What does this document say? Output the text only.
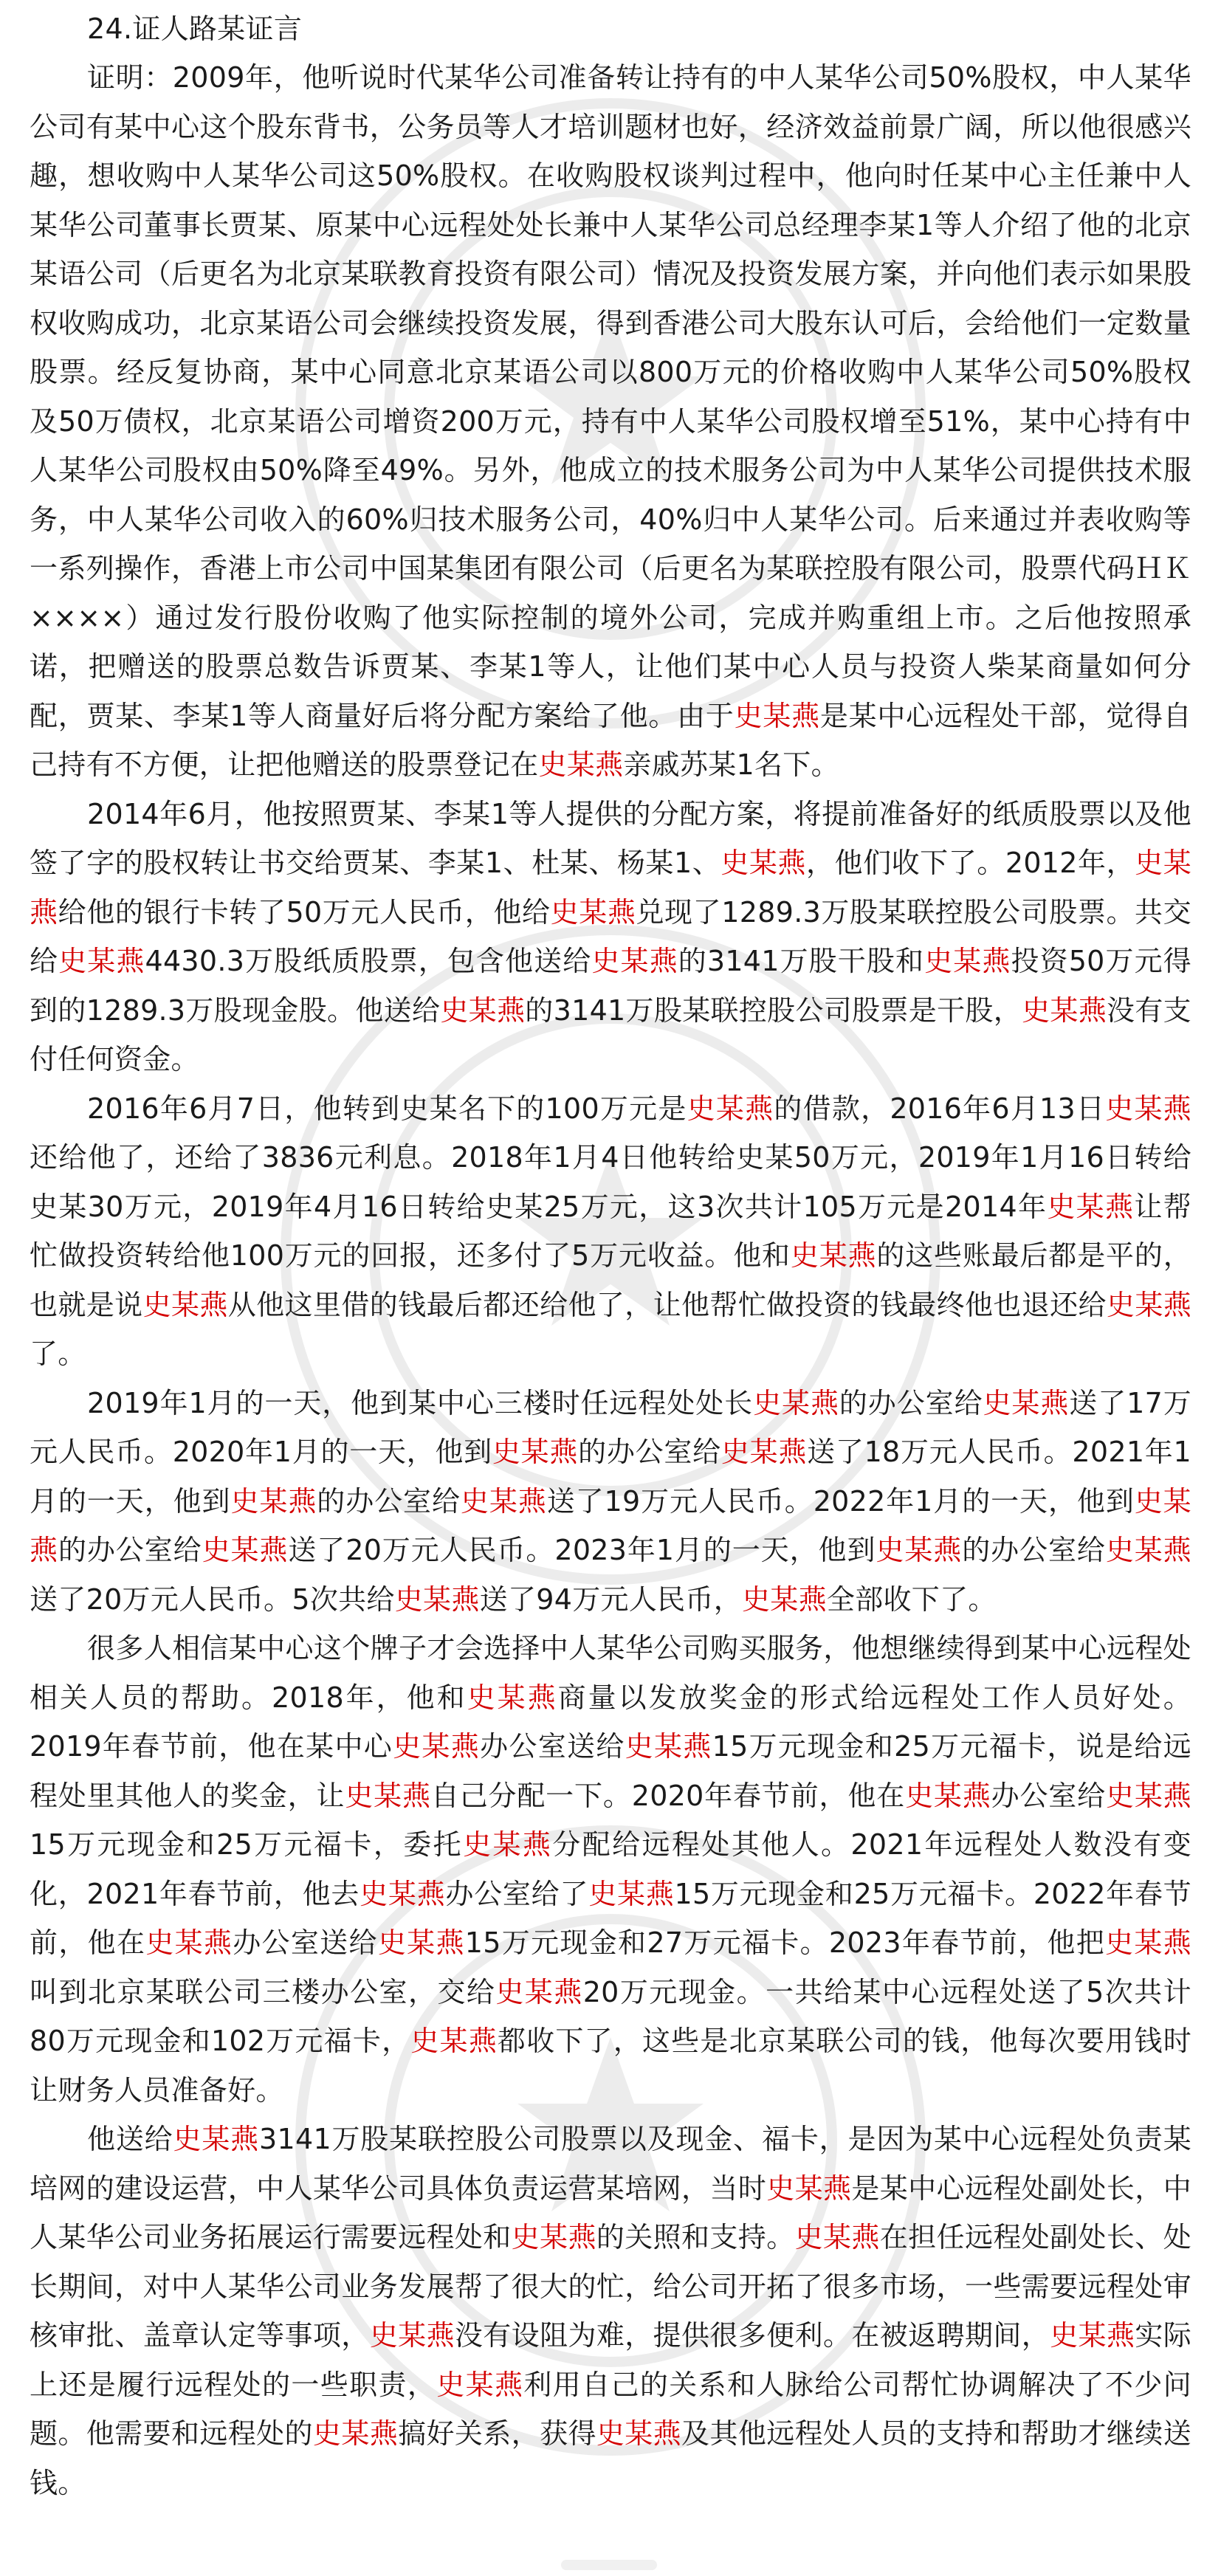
24.证人路某证言

证明：2009年，他听说时代某华公司准备转让持有的中人某华公司50%股权，中人某华公司有某中心这个股东背书，公务员等人才培训题材也好，经济效益前景广阔，所以他很感兴趣，想收购中人某华公司这50%股权。在收购股权谈判过程中，他向时任某中心主任兼中人某华公司董事长贾某、原某中心远程处处长兼中人某华公司总经理李某1等人介绍了他的北京某语公司（后更名为北京某联教育投资有限公司）情况及投资发展方案，并向他们表示如果股权收购成功，北京某语公司会继续投资发展，得到香港公司大股东认可后，会给他们一定数量股票。经反复协商，某中心同意北京某语公司以800万元的价格收购中人某华公司50%股权及50万债权，北京某语公司增资200万元，持有中人某华公司股权增至51%，某中心持有中人某华公司股权由50%降至49%。另外，他成立的技术服务公司为中人某华公司提供技术服务，中人某华公司收入的60%归技术服务公司，40%归中人某华公司。后来通过并表收购等一系列操作，香港上市公司中国某集团有限公司（后更名为某联控股有限公司，股票代码ＨＫ××××）通过发行股份收购了他实际控制的境外公司，完成并购重组上市。之后他按照承诺，把赠送的股票总数告诉贾某、李某1等人，让他们某中心人员与投资人柴某商量如何分配，贾某、李某1等人商量好后将分配方案给了他。由于史某燕是某中心远程处干部，觉得自己持有不方便，让把他赠送的股票登记在史某燕亲戚苏某1名下。

2014年6月，他按照贾某、李某1等人提供的分配方案，将提前准备好的纸质股票以及他签了字的股权转让书交给贾某、李某1、杜某、杨某1、史某燕，他们收下了。2012年，史某燕给他的银行卡转了50万元人民币，他给史某燕兑现了1289.3万股某联控股公司股票。共交给史某燕4430.3万股纸质股票，包含他送给史某燕的3141万股干股和史某燕投资50万元得到的1289.3万股现金股。他送给史某燕的3141万股某联控股公司股票是干股，史某燕没有支付任何资金。

2016年6月7日，他转到史某名下的100万元是史某燕的借款，2016年6月13日史某燕还给他了，还给了3836元利息。2018年1月4日他转给史某50万元，2019年1月16日转给史某30万元，2019年4月16日转给史某25万元，这3次共计105万元是2014年史某燕让帮忙做投资转给他100万元的回报，还多付了5万元收益。他和史某燕的这些账最后都是平的，也就是说史某燕从他这里借的钱最后都还给他了，让他帮忙做投资的钱最终他也退还给史某燕了。

2019年1月的一天，他到某中心三楼时任远程处处长史某燕的办公室给史某燕送了17万元人民币。2020年1月的一天，他到史某燕的办公室给史某燕送了18万元人民币。2021年1月的一天，他到史某燕的办公室给史某燕送了19万元人民币。2022年1月的一天，他到史某燕的办公室给史某燕送了20万元人民币。2023年1月的一天，他到史某燕的办公室给史某燕送了20万元人民币。5次共给史某燕送了94万元人民币，史某燕全部收下了。

很多人相信某中心这个牌子才会选择中人某华公司购买服务，他想继续得到某中心远程处相关人员的帮助。2018年，他和史某燕商量以发放奖金的形式给远程处工作人员好处。2019年春节前，他在某中心史某燕办公室送给史某燕15万元现金和25万元福卡，说是给远程处里其他人的奖金，让史某燕自己分配一下。2020年春节前，他在史某燕办公室给史某燕15万元现金和25万元福卡，委托史某燕分配给远程处其他人。2021年远程处人数没有变化，2021年春节前，他去史某燕办公室给了史某燕15万元现金和25万元福卡。2022年春节前，他在史某燕办公室送给史某燕15万元现金和27万元福卡。2023年春节前，他把史某燕叫到北京某联公司三楼办公室，交给史某燕20万元现金。一共给某中心远程处送了5次共计80万元现金和102万元福卡，史某燕都收下了，这些是北京某联公司的钱，他每次要用钱时让财务人员准备好。

他送给史某燕3141万股某联控股公司股票以及现金、福卡，是因为某中心远程处负责某培网的建设运营，中人某华公司具体负责运营某培网，当时史某燕是某中心远程处副处长，中人某华公司业务拓展运行需要远程处和史某燕的关照和支持。史某燕在担任远程处副处长、处长期间，对中人某华公司业务发展帮了很大的忙，给公司开拓了很多市场，一些需要远程处审核审批、盖章认定等事项，史某燕没有设阻为难，提供很多便利。在被返聘期间，史某燕实际上还是履行远程处的一些职责，史某燕利用自己的关系和人脉给公司帮忙协调解决了不少问题。他需要和远程处的史某燕搞好关系，获得史某燕及其他远程处人员的支持和帮助才继续送钱。
